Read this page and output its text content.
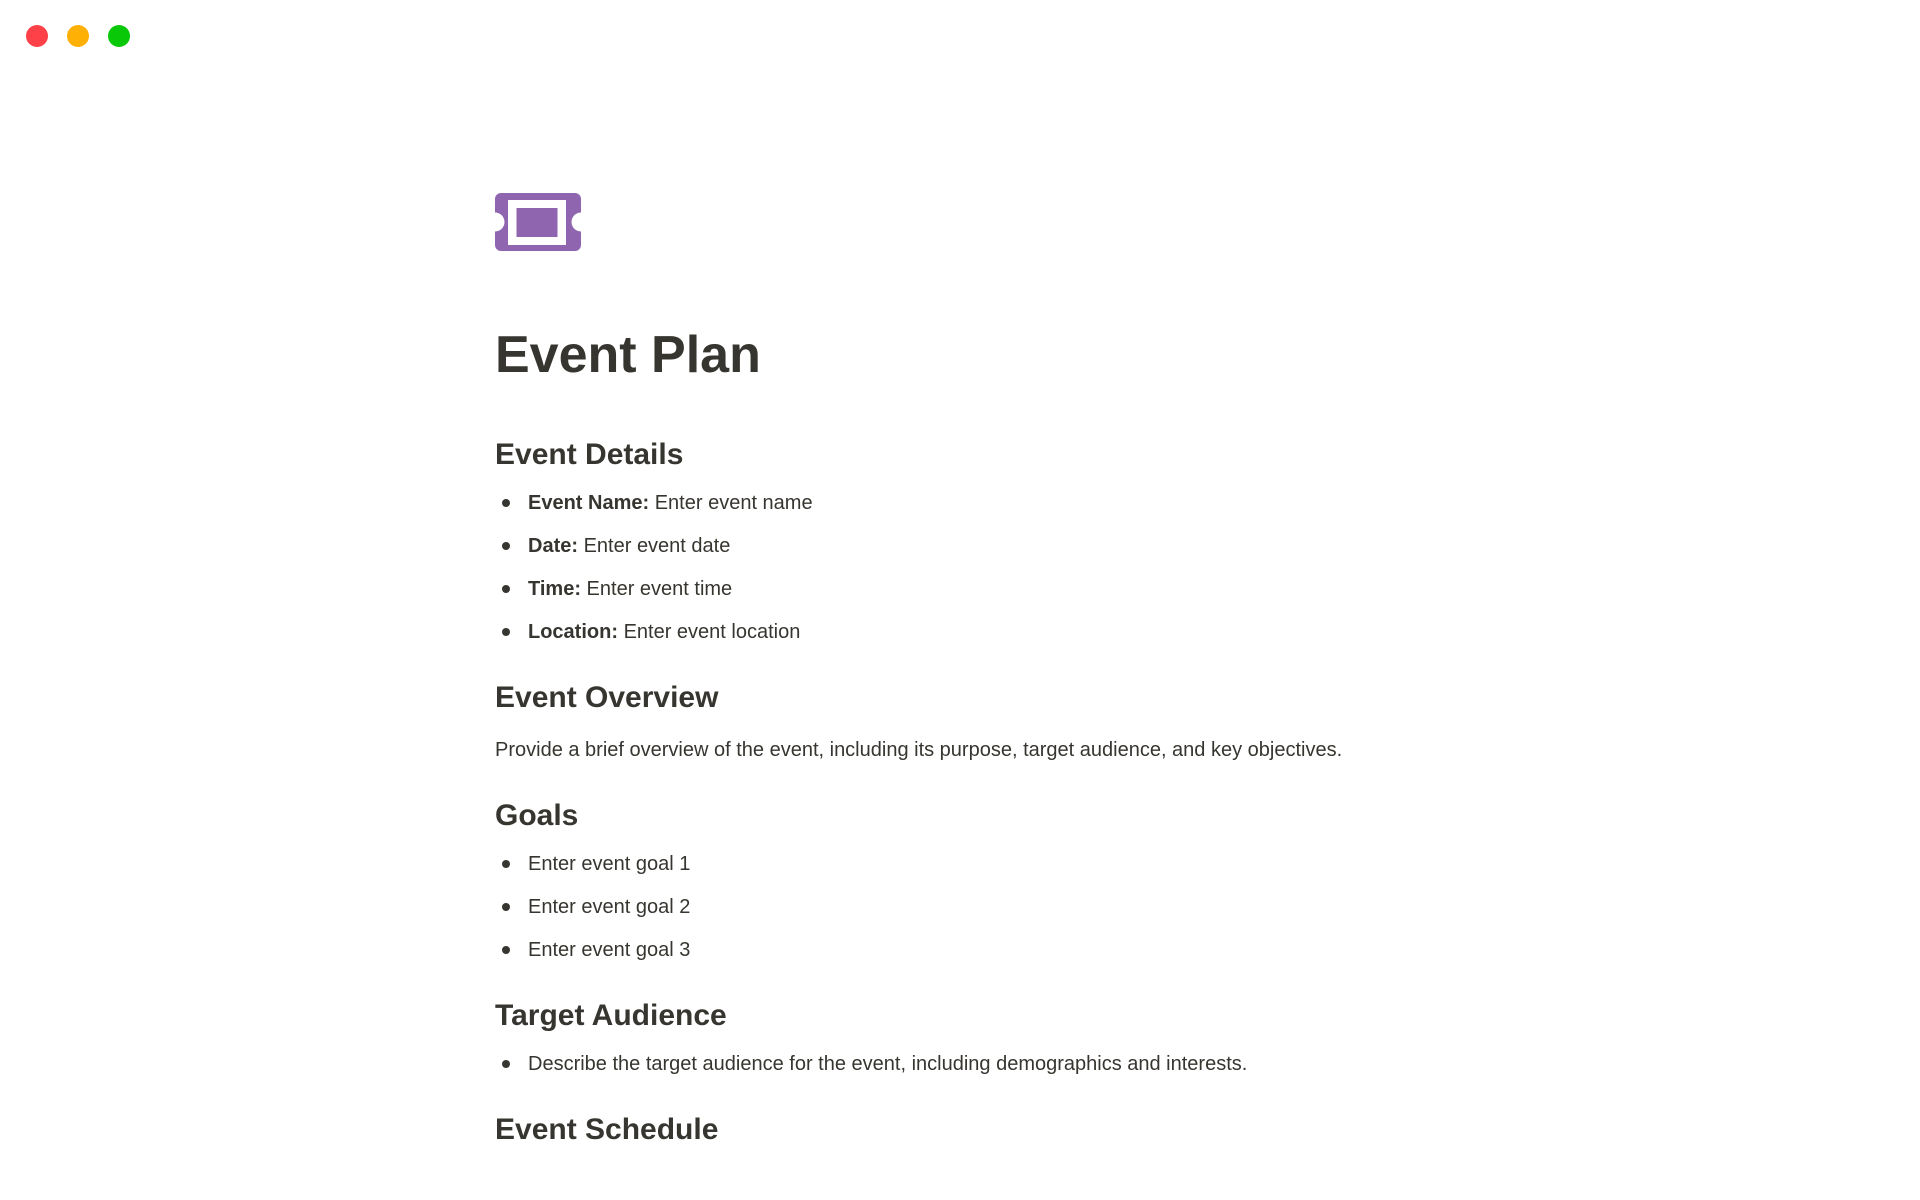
Event Plan
Event Details
Event Name: Enter event name
Date: Enter event date
Time: Enter event time
Location: Enter event location
Event Overview

Provide a brief overview of the event, including its purpose, target audience, and key objectives.

Goals
Enter event goal 1
Enter event goal 2
Enter event goal 3
Target Audience
Describe the target audience for the event, including demographics and interests.
Event Schedule
